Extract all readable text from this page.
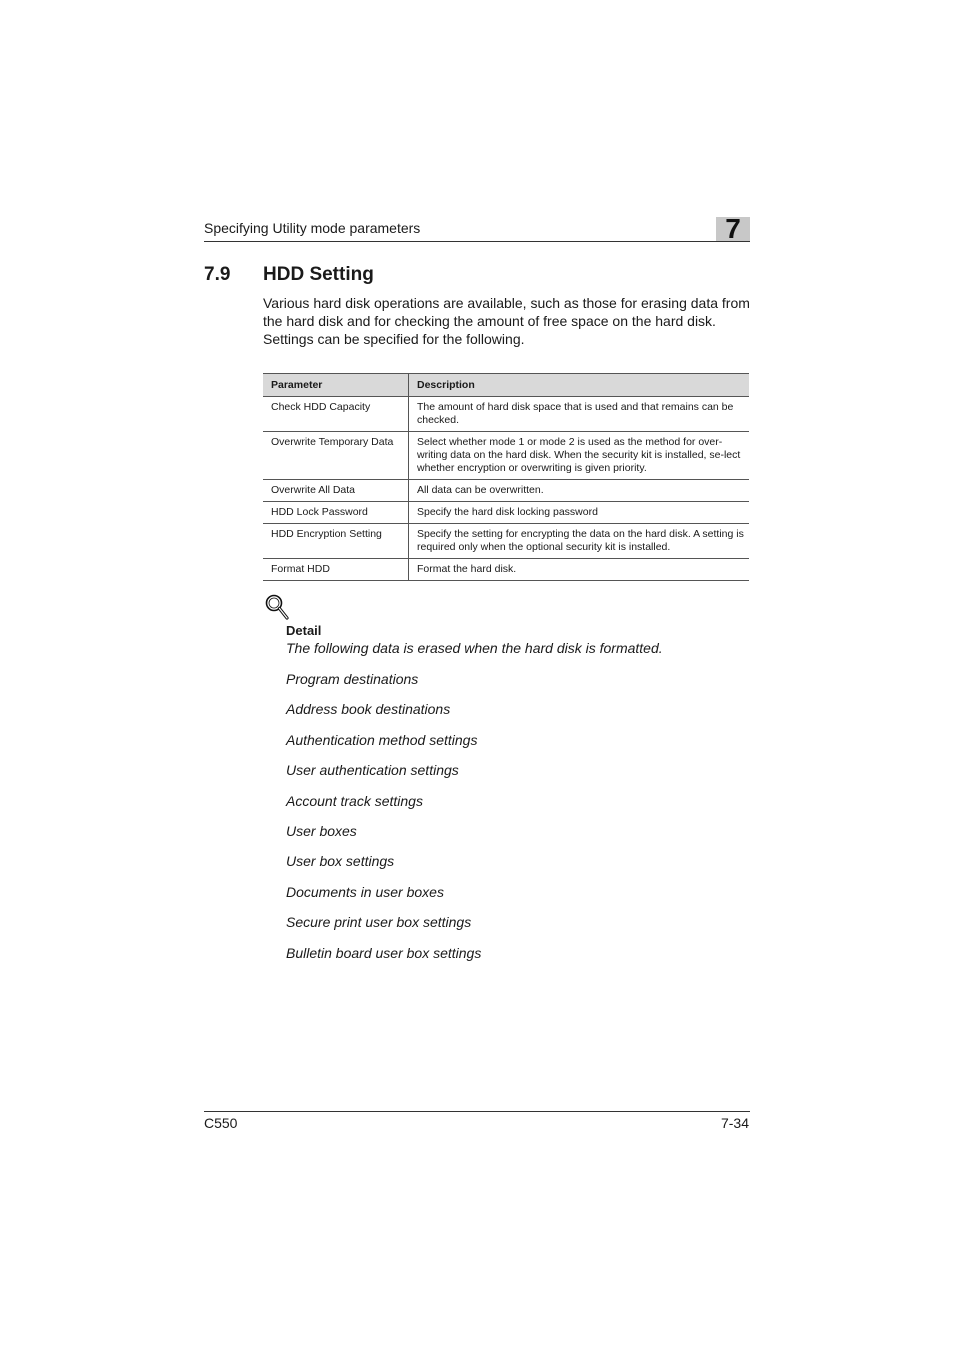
Specifying Utility mode parameters	7
7.9 HDD Setting
Various hard disk operations are available, such as those for erasing data from the hard disk and for checking the amount of free space on the hard disk. Settings can be specified for the following.
Parameter	Description
Check HDD Capacity	The amount of hard disk space that is used and that remains can be checked.
Overwrite Temporary Data	Select whether mode 1 or mode 2 is used as the method for over-writing data on the hard disk. When the security kit is installed, se-lect whether encryption or overwriting is given priority.
Overwrite All Data	All data can be overwritten.
HDD Lock Password	Specify the hard disk locking password
HDD Encryption Setting	Specify the setting for encrypting the data on the hard disk. A setting is required only when the optional security kit is installed.
Format HDD	Format the hard disk.
Detail
The following data is erased when the hard disk is formatted.
Program destinations
Address book destinations
Authentication method settings
User authentication settings
Account track settings
User boxes
User box settings
Documents in user boxes
Secure print user box settings
Bulletin board user box settings
C550	7-34
